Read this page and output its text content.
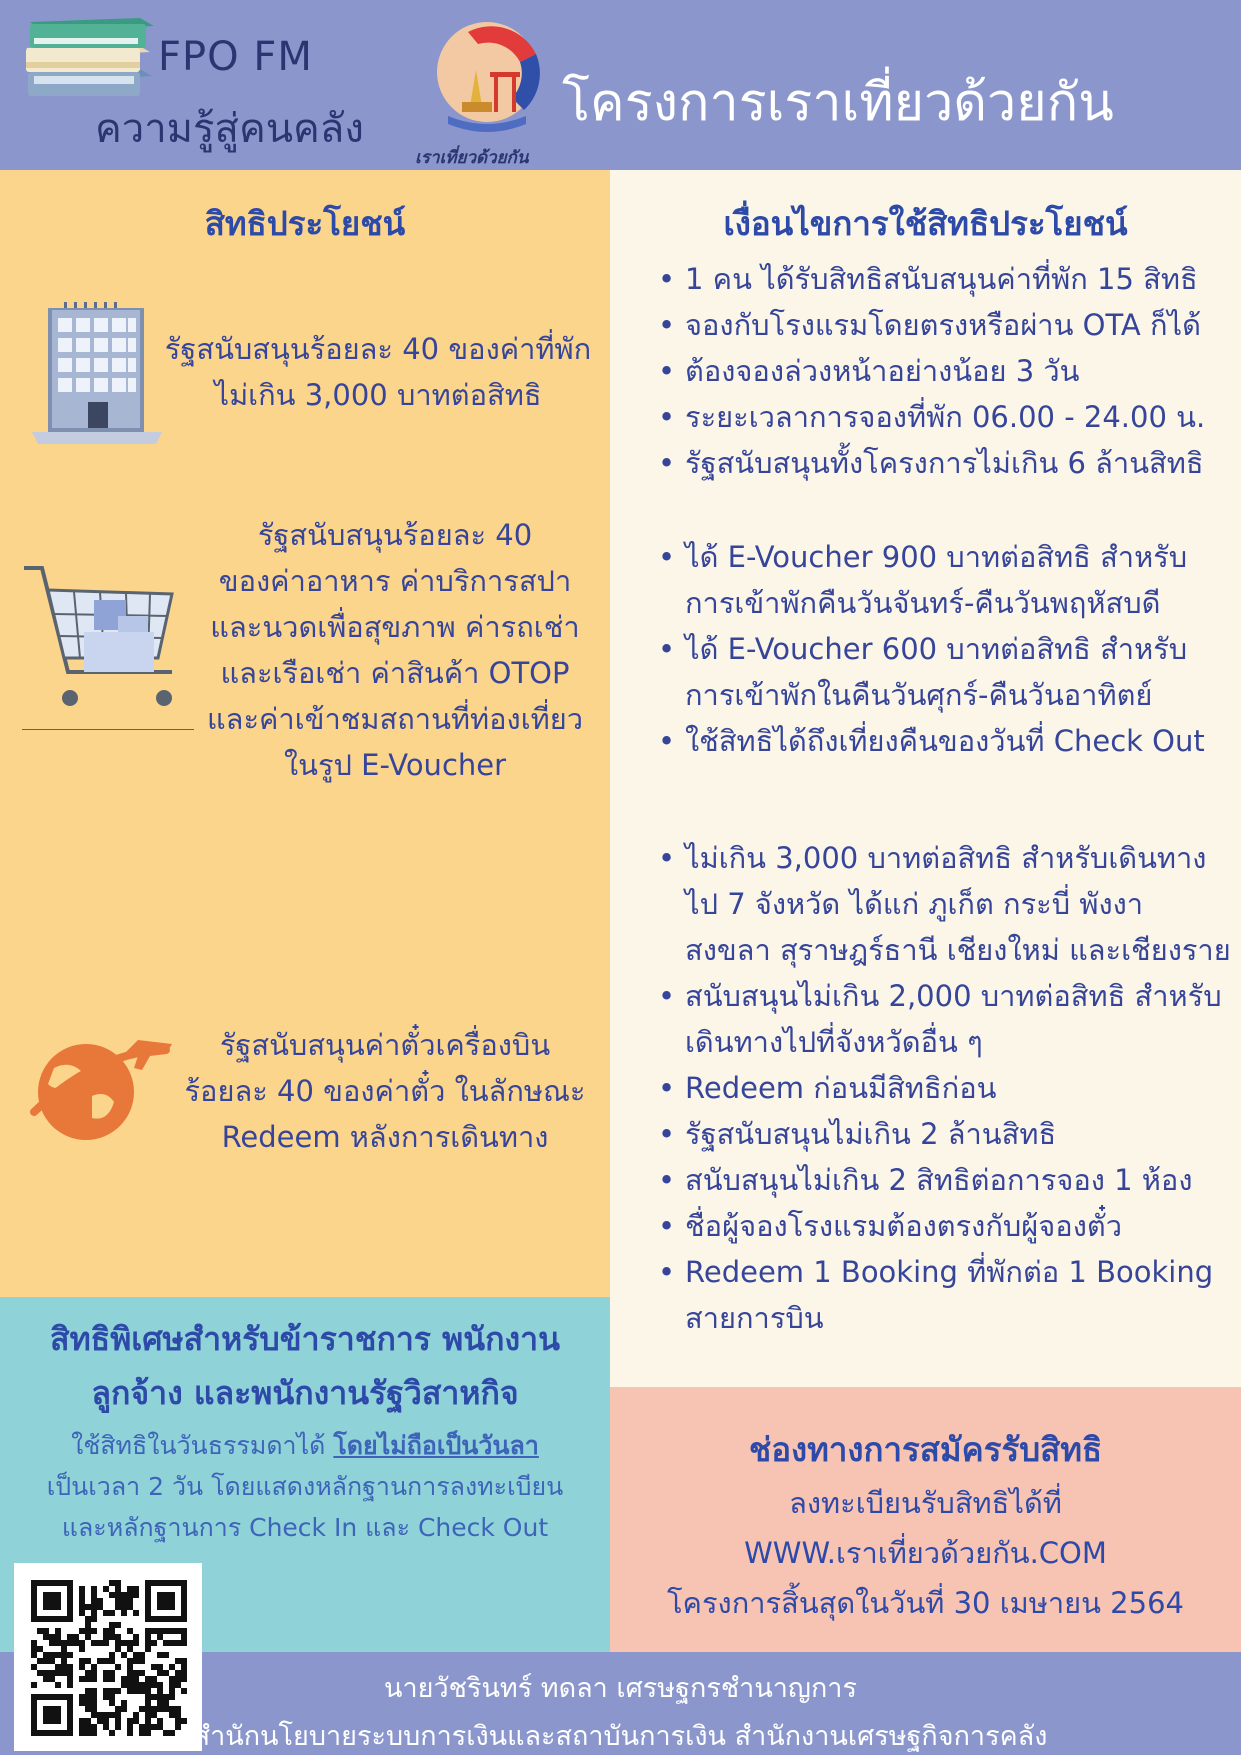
FPO FM
ความรู้สู่คนคลัง
เราเที่ยวด้วยกัน
โครงการเราเที่ยวด้วยกัน
สิทธิประโยชน์
รัฐสนับสนุนร้อยละ 40 ของค่าที่พัก
ไม่เกิน 3,000 บาทต่อสิทธิ
รัฐสนับสนุนร้อยละ 40
ของค่าอาหาร ค่าบริการสปา
และนวดเพื่อสุขภาพ ค่ารถเช่า
และเรือเช่า ค่าสินค้า OTOP
และค่าเข้าชมสถานที่ท่องเที่ยว
ในรูป E-Voucher
รัฐสนับสนุนค่าตั๋วเครื่องบิน
ร้อยละ 40 ของค่าตั๋ว ในลักษณะ
Redeem หลังการเดินทาง
เงื่อนไขการใช้สิทธิประโยชน์
• 1 คน ได้รับสิทธิสนับสนุนค่าที่พัก 15 สิทธิ
• จองกับโรงแรมโดยตรงหรือผ่าน OTA ก็ได้
• ต้องจองล่วงหน้าอย่างน้อย 3 วัน
• ระยะเวลาการจองที่พัก 06.00 - 24.00 น.
• รัฐสนับสนุนทั้งโครงการไม่เกิน 6 ล้านสิทธิ
• ได้ E-Voucher 900 บาทต่อสิทธิ สำหรับ การเข้าพักคืนวันจันทร์-คืนวันพฤหัสบดี
• ได้ E-Voucher 600 บาทต่อสิทธิ สำหรับ การเข้าพักในคืนวันศุกร์-คืนวันอาทิตย์
• ใช้สิทธิได้ถึงเที่ยงคืนของวันที่ Check Out
• ไม่เกิน 3,000 บาทต่อสิทธิ สำหรับเดินทาง ไป 7 จังหวัด ได้แก่ ภูเก็ต กระบี่ พังงา สงขลา สุราษฎร์ธานี เชียงใหม่ และเชียงราย
• สนับสนุนไม่เกิน 2,000 บาทต่อสิทธิ สำหรับ เดินทางไปที่จังหวัดอื่น ๆ
• Redeem ก่อนมีสิทธิก่อน
• รัฐสนับสนุนไม่เกิน 2 ล้านสิทธิ
• สนับสนุนไม่เกิน 2 สิทธิต่อการจอง 1 ห้อง
• ชื่อผู้จองโรงแรมต้องตรงกับผู้จองตั๋ว
• Redeem 1 Booking ที่พักต่อ 1 Booking สายการบิน
สิทธิพิเศษสำหรับข้าราชการ พนักงาน
ลูกจ้าง และพนักงานรัฐวิสาหกิจ
ใช้สิทธิในวันธรรมดาได้ โดยไม่ถือเป็นวันลา
เป็นเวลา 2 วัน โดยแสดงหลักฐานการลงทะเบียน
และหลักฐานการ Check In และ Check Out
ช่องทางการสมัครรับสิทธิ
ลงทะเบียนรับสิทธิได้ที่
WWW.เราเที่ยวด้วยกัน.COM
โครงการสิ้นสุดในวันที่ 30 เมษายน 2564
นายวัชรินทร์ ทดลา เศรษฐกรชำนาญการ
สำนักนโยบายระบบการเงินและสถาบันการเงิน สำนักงานเศรษฐกิจการคลัง
